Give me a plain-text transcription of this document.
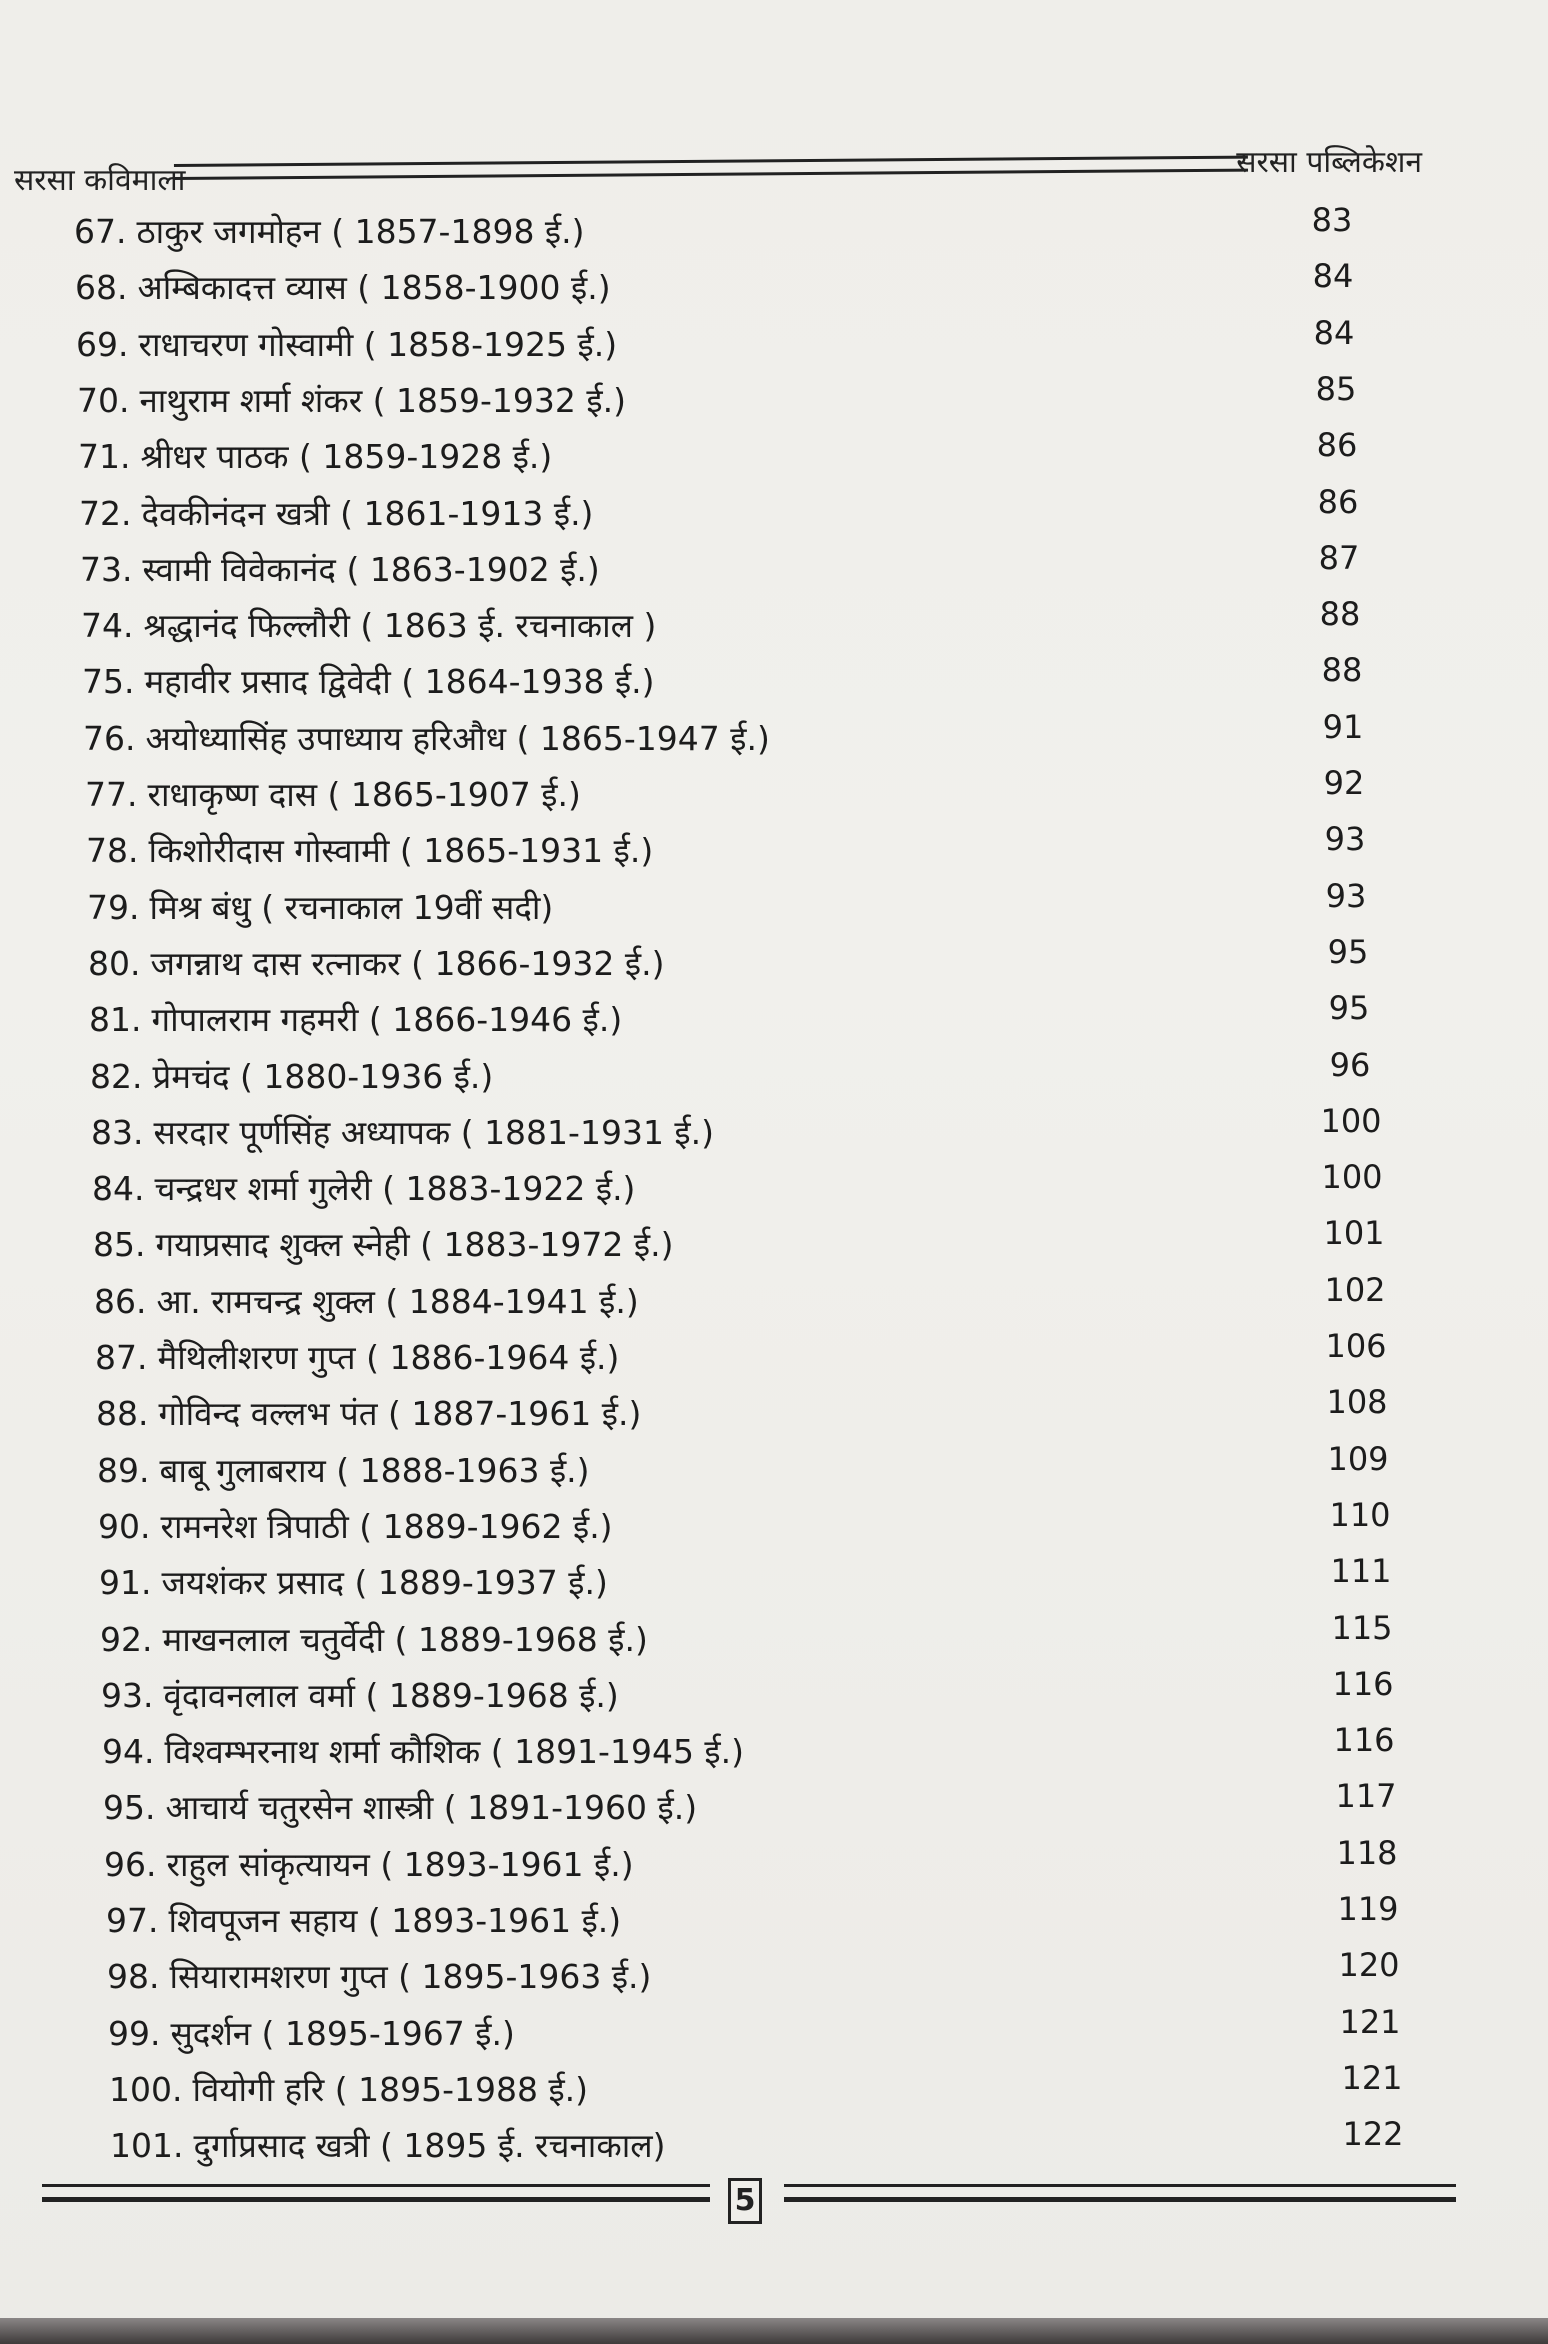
सरसा कविमाला
सरसा पब्लिकेशन
67. ठाकुर जगमोहन ( 1857-1898 ई.)	83
68. अम्बिकादत्त व्यास ( 1858-1900 ई.)	84
69. राधाचरण गोस्वामी ( 1858-1925 ई.)	84
70. नाथुराम शर्मा शंकर ( 1859-1932 ई.)	85
71. श्रीधर पाठक ( 1859-1928 ई.)	86
72. देवकीनंदन खत्री ( 1861-1913 ई.)	86
73. स्वामी विवेकानंद ( 1863-1902 ई.)	87
74. श्रद्धानंद फिल्लौरी ( 1863 ई. रचनाकाल )	88
75. महावीर प्रसाद द्विवेदी ( 1864-1938 ई.)	88
76. अयोध्यासिंह उपाध्याय हरिऔध ( 1865-1947 ई.)	91
77. राधाकृष्ण दास ( 1865-1907 ई.)	92
78. किशोरीदास गोस्वामी ( 1865-1931 ई.)	93
79. मिश्र बंधु ( रचनाकाल 19वीं सदी)	93
80. जगन्नाथ दास रत्नाकर ( 1866-1932 ई.)	95
81. गोपालराम गहमरी ( 1866-1946 ई.)	95
82. प्रेमचंद ( 1880-1936 ई.)	96
83. सरदार पूर्णसिंह अध्यापक ( 1881-1931 ई.)	100
84. चन्द्रधर शर्मा गुलेरी ( 1883-1922 ई.)	100
85. गयाप्रसाद शुक्ल स्नेही ( 1883-1972 ई.)	101
86. आ. रामचन्द्र शुक्ल ( 1884-1941 ई.)	102
87. मैथिलीशरण गुप्त ( 1886-1964 ई.)	106
88. गोविन्द वल्लभ पंत ( 1887-1961 ई.)	108
89. बाबू गुलाबराय ( 1888-1963 ई.)	109
90. रामनरेश त्रिपाठी ( 1889-1962 ई.)	110
91. जयशंकर प्रसाद ( 1889-1937 ई.)	111
92. माखनलाल चतुर्वेदी ( 1889-1968 ई.)	115
93. वृंदावनलाल वर्मा ( 1889-1968 ई.)	116
94. विश्वम्भरनाथ शर्मा कौशिक ( 1891-1945 ई.)	116
95. आचार्य चतुरसेन शास्त्री ( 1891-1960 ई.)	117
96. राहुल सांकृत्यायन ( 1893-1961 ई.)	118
97. शिवपूजन सहाय ( 1893-1961 ई.)	119
98. सियारामशरण गुप्त ( 1895-1963 ई.)	120
99. सुदर्शन ( 1895-1967 ई.)	121
100. वियोगी हरि ( 1895-1988 ई.)	121
101. दुर्गाप्रसाद खत्री ( 1895 ई. रचनाकाल)	122
5
